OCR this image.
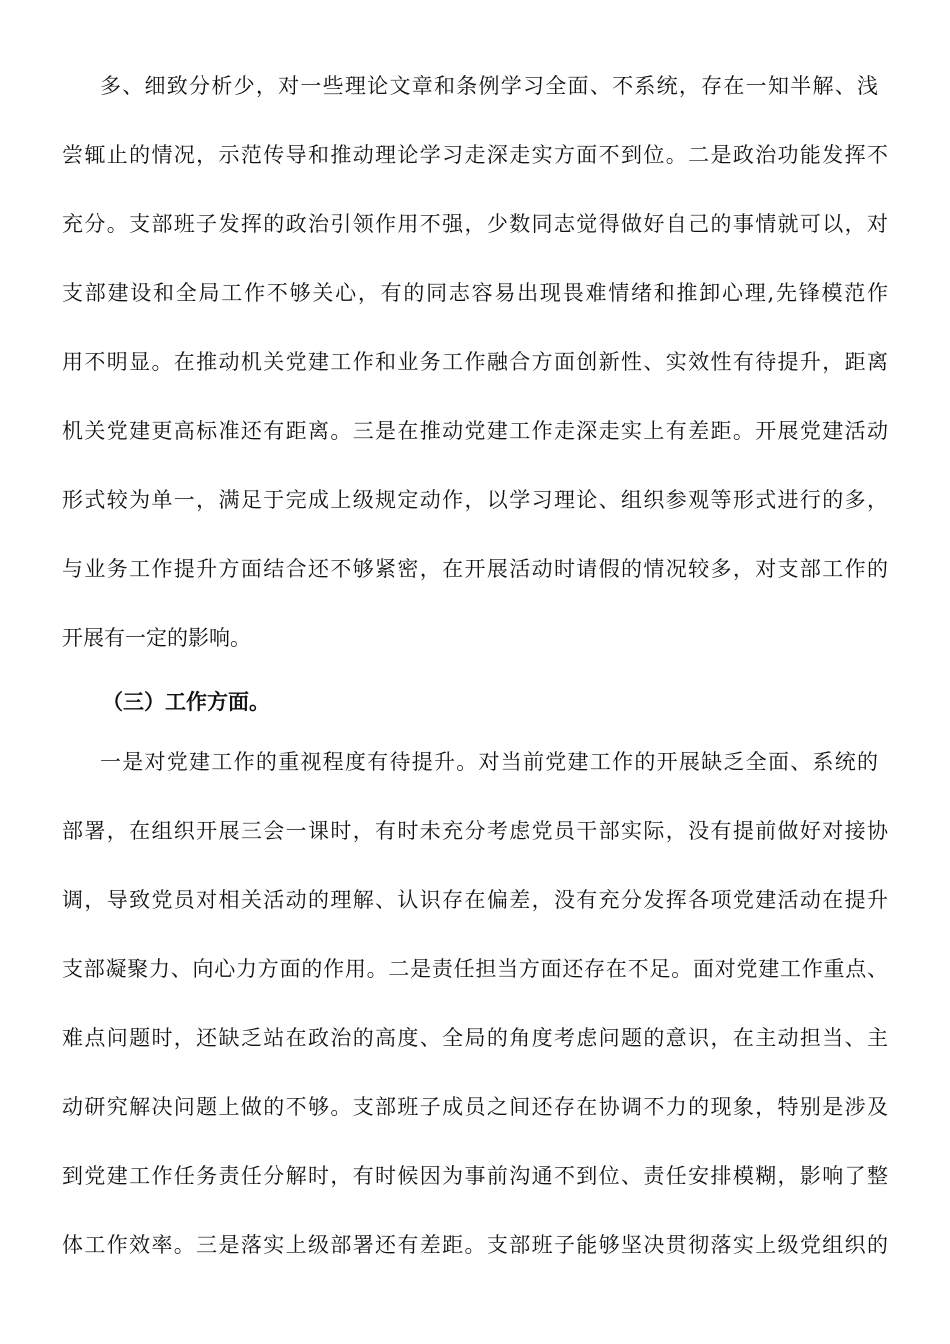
多、细致分析少，对一些理论文章和条例学习全面、不系统，存在一知半解、浅
尝辄止的情况，示范传导和推动理论学习走深走实方面不到位。二是政治功能发挥不
充分。支部班子发挥的政治引领作用不强，少数同志觉得做好自己的事情就可以，对
支部建设和全局工作不够关心，有的同志容易出现畏难情绪和推卸心理,先锋模范作
用不明显。在推动机关党建工作和业务工作融合方面创新性、实效性有待提升，距离
机关党建更高标准还有距离。三是在推动党建工作走深走实上有差距。开展党建活动
形式较为单一，满足于完成上级规定动作，以学习理论、组织参观等形式进行的多，
与业务工作提升方面结合还不够紧密，在开展活动时请假的情况较多，对支部工作的
开展有一定的影响。
（三）工作方面。
一是对党建工作的重视程度有待提升。对当前党建工作的开展缺乏全面、系统的
部署，在组织开展三会一课时，有时未充分考虑党员干部实际，没有提前做好对接协
调，导致党员对相关活动的理解、认识存在偏差，没有充分发挥各项党建活动在提升
支部凝聚力、向心力方面的作用。二是责任担当方面还存在不足。面对党建工作重点、
难点问题时，还缺乏站在政治的高度、全局的角度考虑问题的意识，在主动担当、主
动研究解决问题上做的不够。支部班子成员之间还存在协调不力的现象，特别是涉及
到党建工作任务责任分解时，有时候因为事前沟通不到位、责任安排模糊，影响了整
体工作效率。三是落实上级部署还有差距。支部班子能够坚决贯彻落实上级党组织的
